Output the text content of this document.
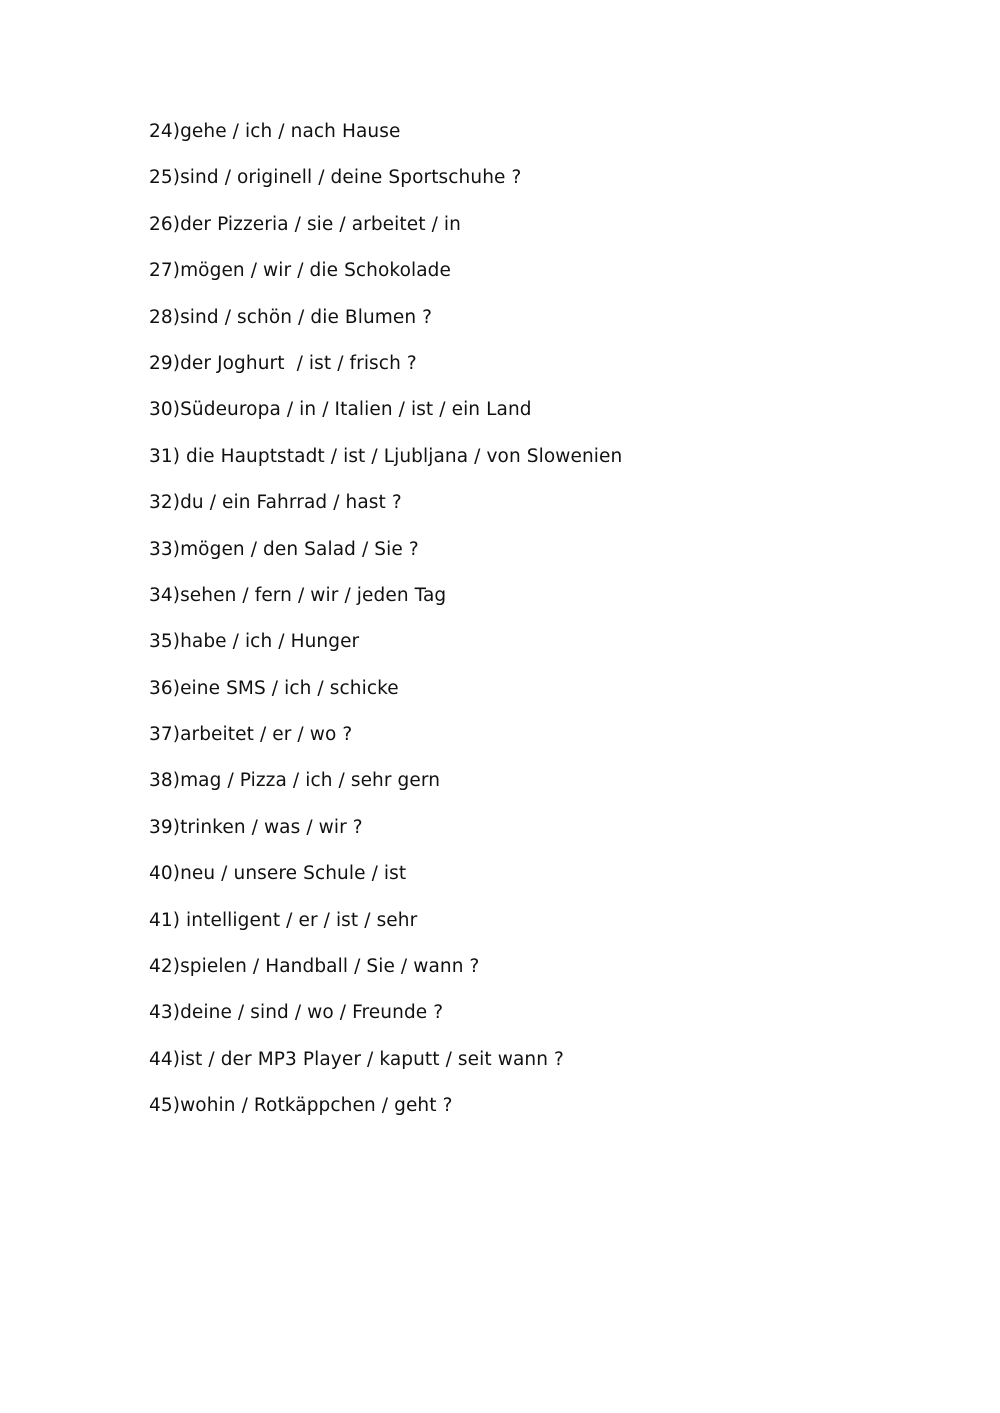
24)gehe / ich / nach Hause
25)sind / originell / deine Sportschuhe ?
26)der Pizzeria / sie / arbeitet / in
27)mögen / wir / die Schokolade
28)sind / schön / die Blumen ?
29)der Joghurt  / ist / frisch ?
30)Südeuropa / in / Italien / ist / ein Land
31) die Hauptstadt / ist / Ljubljana / von Slowenien
32)du / ein Fahrrad / hast ?
33)mögen / den Salad / Sie ?
34)sehen / fern / wir / jeden Tag
35)habe / ich / Hunger
36)eine SMS / ich / schicke
37)arbeitet / er / wo ?
38)mag / Pizza / ich / sehr gern
39)trinken / was / wir ?
40)neu / unsere Schule / ist
41) intelligent / er / ist / sehr
42)spielen / Handball / Sie / wann ?
43)deine / sind / wo / Freunde ?
44)ist / der MP3 Player / kaputt / seit wann ?
45)wohin / Rotkäppchen / geht ?
